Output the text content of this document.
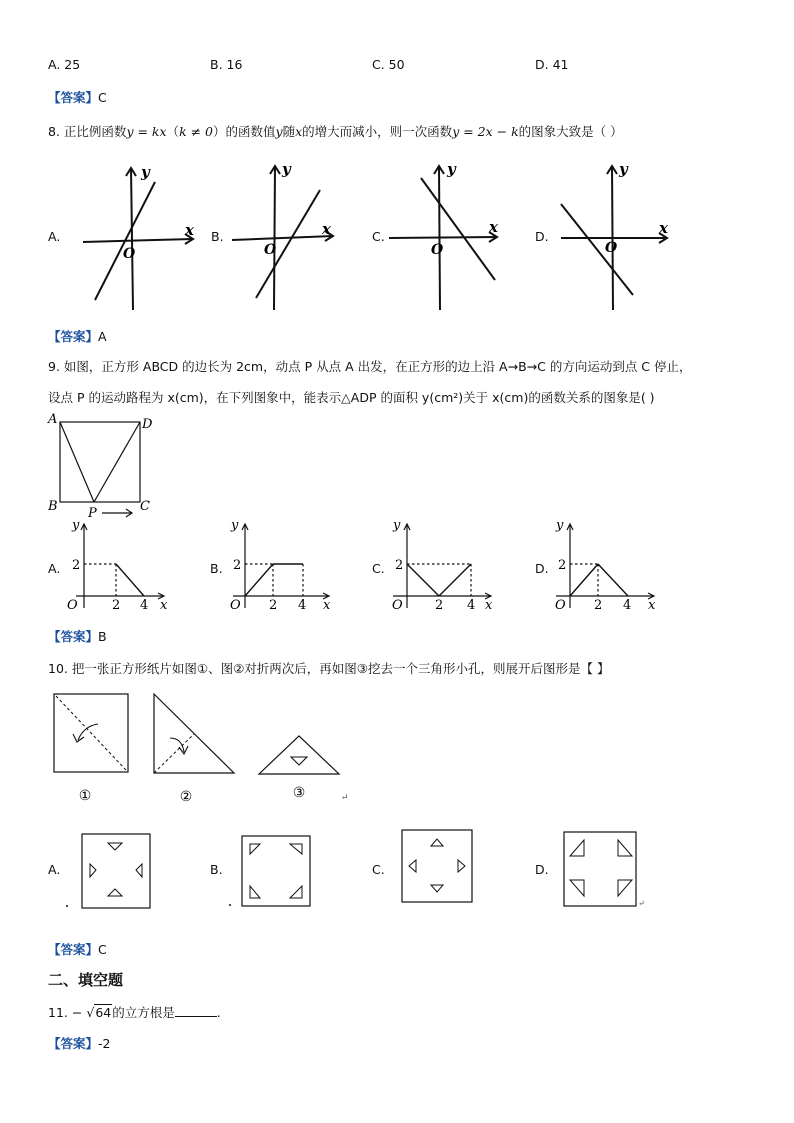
A. 25	B. 16	C. 50	D. 41
【答案】C
8. 正比例函数y = kx（k ≠ 0）的函数值y随x的增大而减小，则一次函数y = 2x − k的图象大致是（ ）
A.	B.	C.	D.
y
x
O
y
x
O
y
x
O
y
x
O
【答案】A
9. 如图，正方形 ABCD 的边长为 2cm，动点 P 从点 A 出发，在正方形的边上沿 A→B→C 的方向运动到点 C 停止，
设点 P 的运动路程为 x(cm)，在下列图象中，能表示△ADP 的面积 y(cm²)关于 x(cm)的函数关系的图象是( )
A	D
B	C
P
A.	B.	C.	D.
y
2
O	2 4 x
y
2
O 2 4 x
y
2
O 2 4 x
y
2
O 2 4 x
【答案】B
10. 把一张正方形纸片如图①、图②对折两次后，再如图③挖去一个三角形小孔，则展开后图形是【 】
①	②	③	↵
A.	B.	C.	D.
↵
【答案】C
二、填空题
11. − √64的立方根是	.
【答案】-2
